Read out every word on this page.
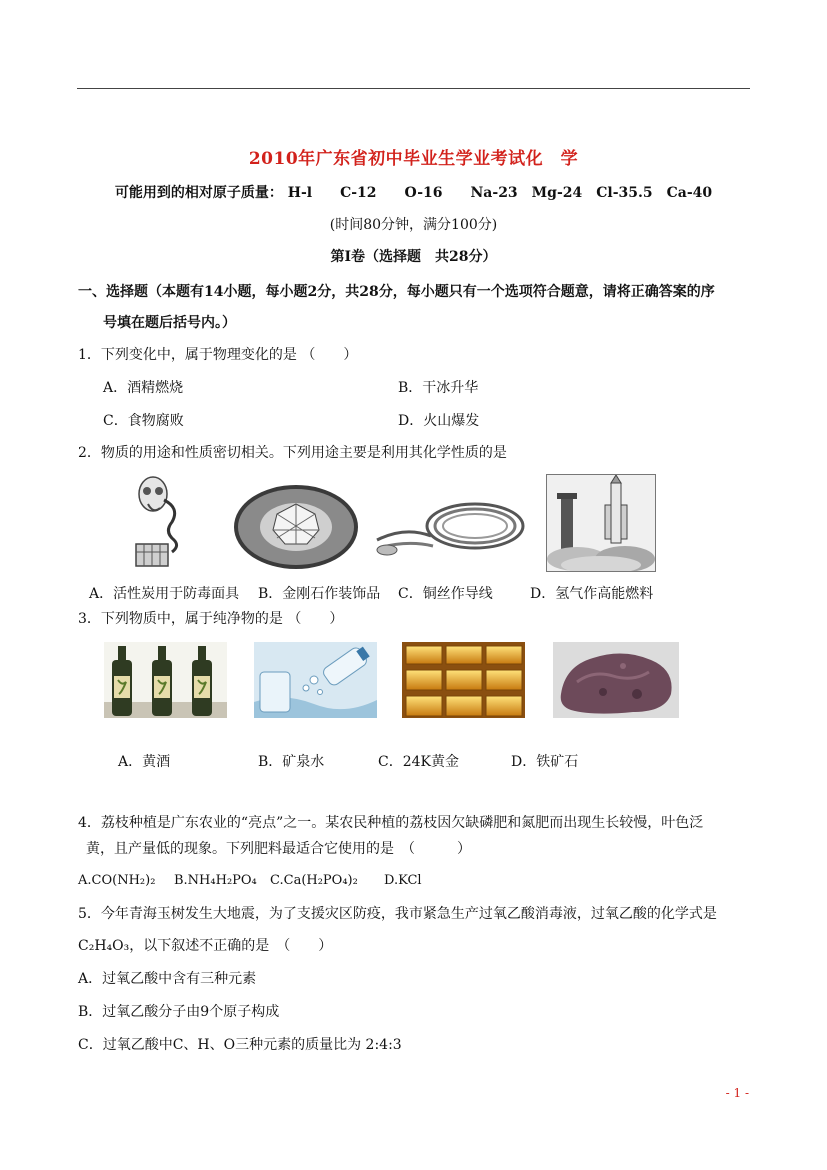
2010年广东省初中毕业生学业考试化　学
可能用到的相对原子质量： H-l　　C-12　　O-16　　Na-23　Mg-24　Cl-35.5　Ca-40
(时间80分钟，满分100分)
第Ⅰ卷（选择题　共28分）
一、选择题（本题有14小题，每小题2分，共28分，每小题只有一个选项符合题意，请将正确答案的序
号填在题后括号内。）
1．下列变化中，属于物理变化的是 （　　）
A．酒精燃烧	B．干冰升华
C．食物腐败	D．火山爆发
2．物质的用途和性质密切相关。下列用途主要是利用其化学性质的是
A．活性炭用于防毒面具 B．金刚石作装饰品 C．铜丝作导线	D．氢气作高能燃料
3．下列物质中，属于纯净物的是 （　　）
A．黄酒	B．矿泉水	C．24K黄金	D．铁矿石
4．荔枝种植是广东农业的“亮点”之一。某农民种植的荔枝因欠缺磷肥和氮肥而出现生长较慢，叶色泛
黄，且产量低的现象。下列肥料最适合它使用的是　（　　　）
A.CO(NH₂)₂ B.NH₄H₂PO₄ C.Ca(H₂PO₄)₂ D.KCl
5．今年青海玉树发生大地震，为了支援灾区防疫，我市紧急生产过氧乙酸消毒液，过氧乙酸的化学式是
C₂H₄O₃，以下叙述不正确的是　（　　）
A．过氧乙酸中含有三种元素
B．过氧乙酸分子由9个原子构成
C．过氧乙酸中C、H、O三种元素的质量比为 2:4:3
- 1 -
